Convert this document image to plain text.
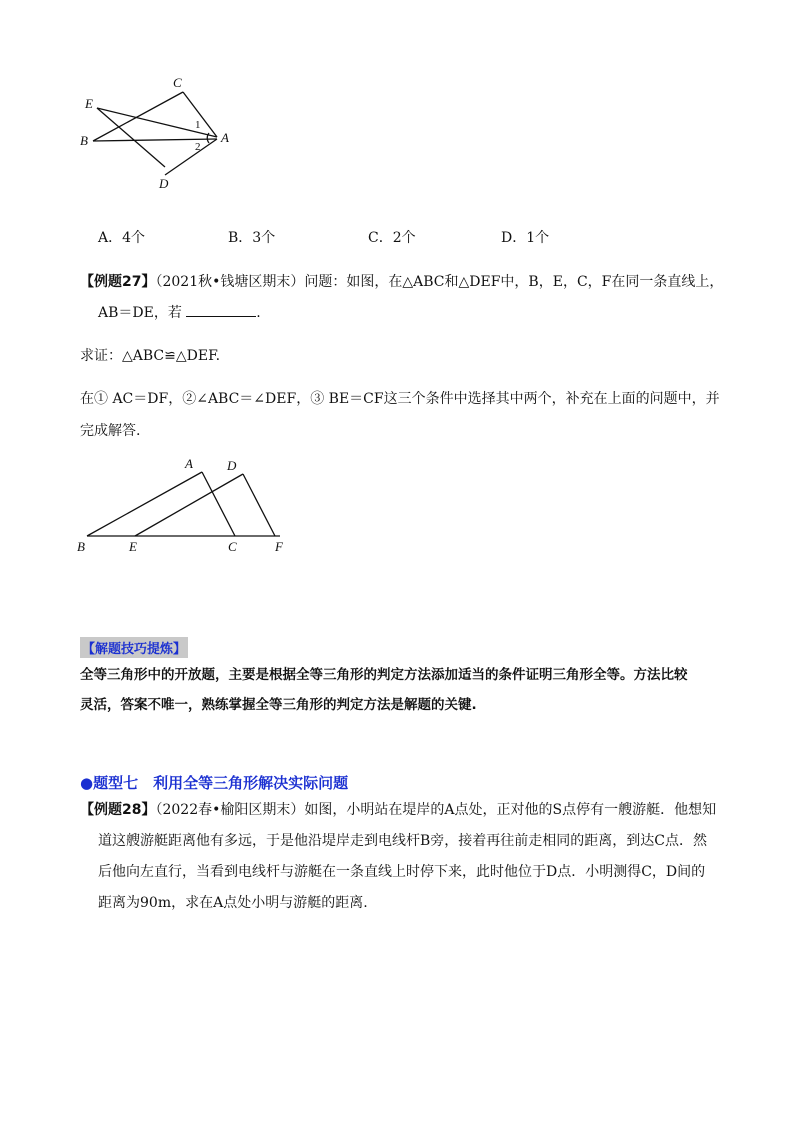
E
C
B	A
D
1
2
A．4个	B．3个	C．2个	D．1个
【例题27】（2021秋•钱塘区期末）问题：如图，在△ABC和△DEF中，B，E，C，F在同一条直线上，
AB＝DE，若	.
求证：△ABC≌△DEF.
在① AC＝DF，②∠ABC＝∠DEF，③ BE＝CF这三个条件中选择其中两个，补充在上面的问题中，并
完成解答.
A	D
B	E	C	F
【解题技巧提炼】
全等三角形中的开放题，主要是根据全等三角形的判定方法添加适当的条件证明三角形全等。方法比较
灵活，答案不唯一，熟练掌握全等三角形的判定方法是解题的关键.
●题型七　利用全等三角形解决实际问题
【例题28】（2022春•榆阳区期末）如图，小明站在堤岸的A点处，正对他的S点停有一艘游艇．他想知
道这艘游艇距离他有多远，于是他沿堤岸走到电线杆B旁，接着再往前走相同的距离，到达C点．然
后他向左直行，当看到电线杆与游艇在一条直线上时停下来，此时他位于D点．小明测得C，D间的
距离为90m，求在A点处小明与游艇的距离.
